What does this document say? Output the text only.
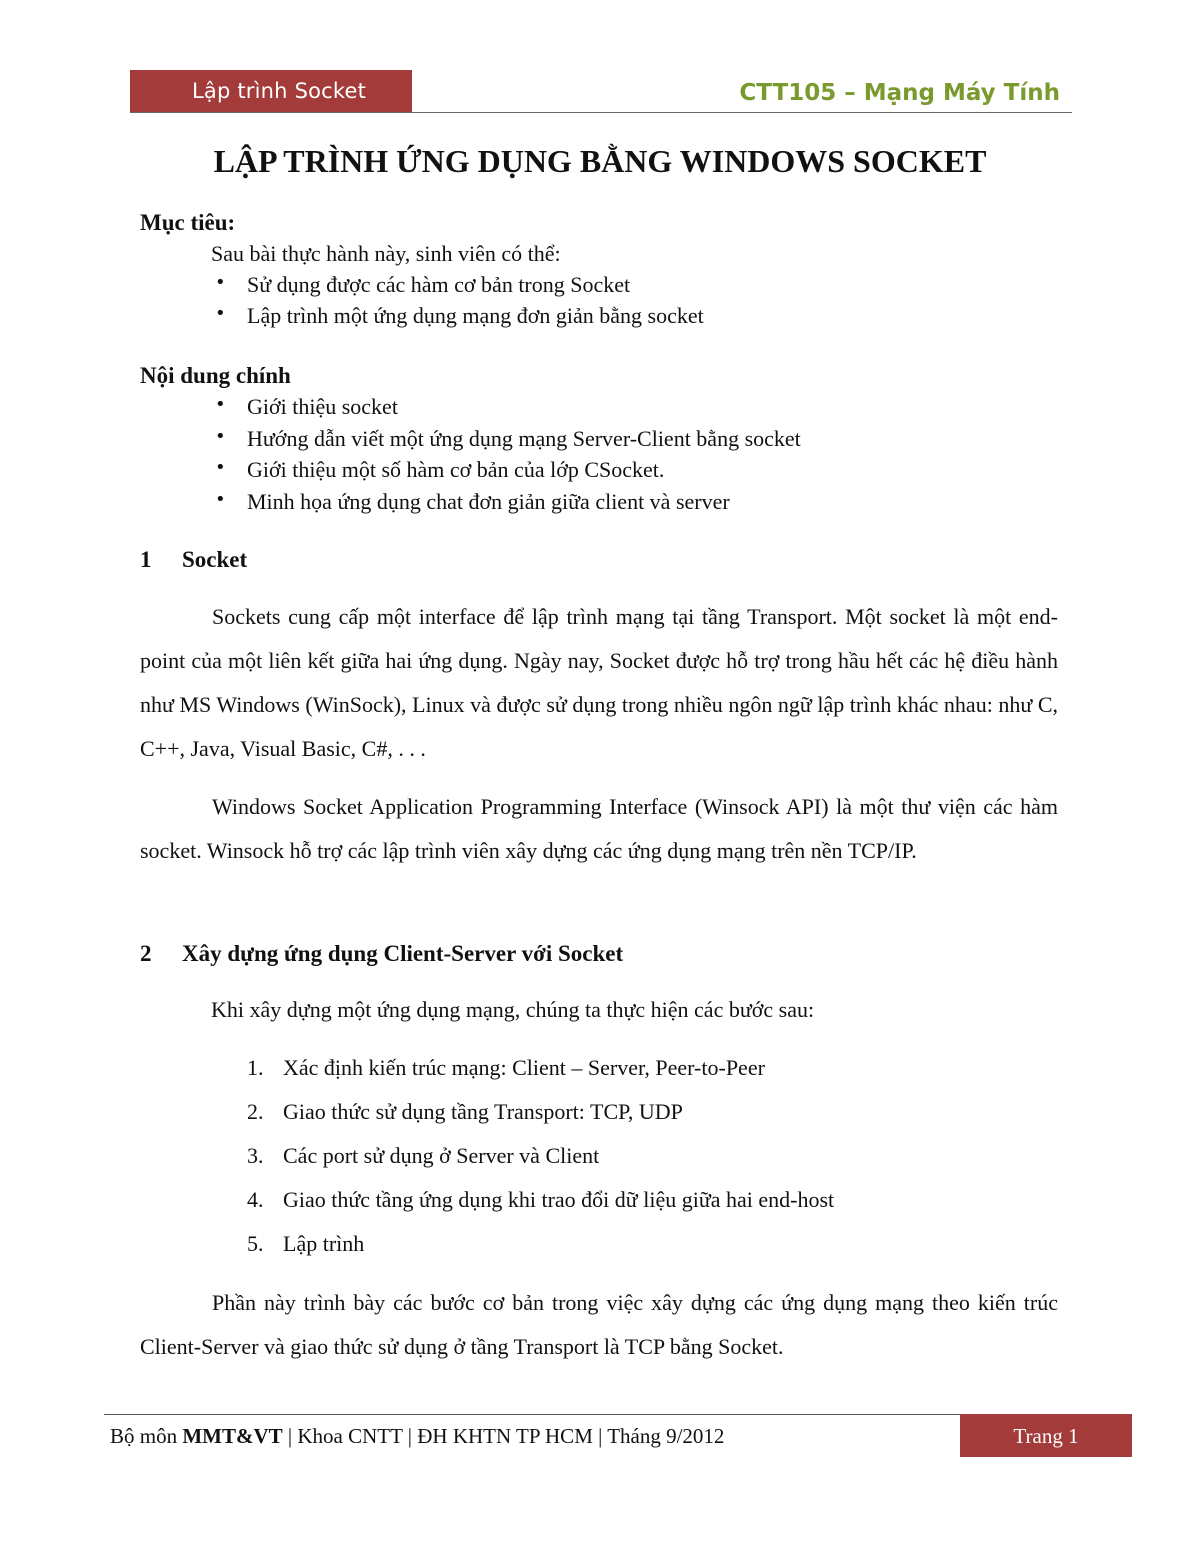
Lập trình Socket	CTT105 – Mạng Máy Tính
LẬP TRÌNH ỨNG DỤNG BẰNG WINDOWS SOCKET
Mục tiêu:
Sau bài thực hành này, sinh viên có thể:
• Sử dụng được các hàm cơ bản trong Socket
• Lập trình một ứng dụng mạng đơn giản bằng socket
Nội dung chính
• Giới thiệu socket
• Hướng dẫn viết một ứng dụng mạng Server-Client bằng socket
• Giới thiệu một số hàm cơ bản của lớp CSocket.
• Minh họa ứng dụng chat đơn giản giữa client và server
1 Socket
Sockets cung cấp một interface để lập trình mạng tại tầng Transport. Một socket là một end-point của một liên kết giữa hai ứng dụng. Ngày nay, Socket được hỗ trợ trong hầu hết các hệ điều hành như MS Windows (WinSock), Linux và được sử dụng trong nhiều ngôn ngữ lập trình khác nhau: như C, C++, Java, Visual Basic, C#, . . .
Windows Socket Application Programming Interface (Winsock API) là một thư viện các hàm socket. Winsock hỗ trợ các lập trình viên xây dựng các ứng dụng mạng trên nền TCP/IP.
2 Xây dựng ứng dụng Client-Server với Socket
Khi xây dựng một ứng dụng mạng, chúng ta thực hiện các bước sau:
1. Xác định kiến trúc mạng: Client – Server, Peer-to-Peer
2. Giao thức sử dụng tầng Transport: TCP, UDP
3. Các port sử dụng ở Server và Client
4. Giao thức tầng ứng dụng khi trao đổi dữ liệu giữa hai end-host
5. Lập trình
Phần này trình bày các bước cơ bản trong việc xây dựng các ứng dụng mạng theo kiến trúc Client-Server và giao thức sử dụng ở tầng Transport là TCP bằng Socket.
Bộ môn MMT&VT | Khoa CNTT | ĐH KHTN TP HCM | Tháng 9/2012	Trang 1
